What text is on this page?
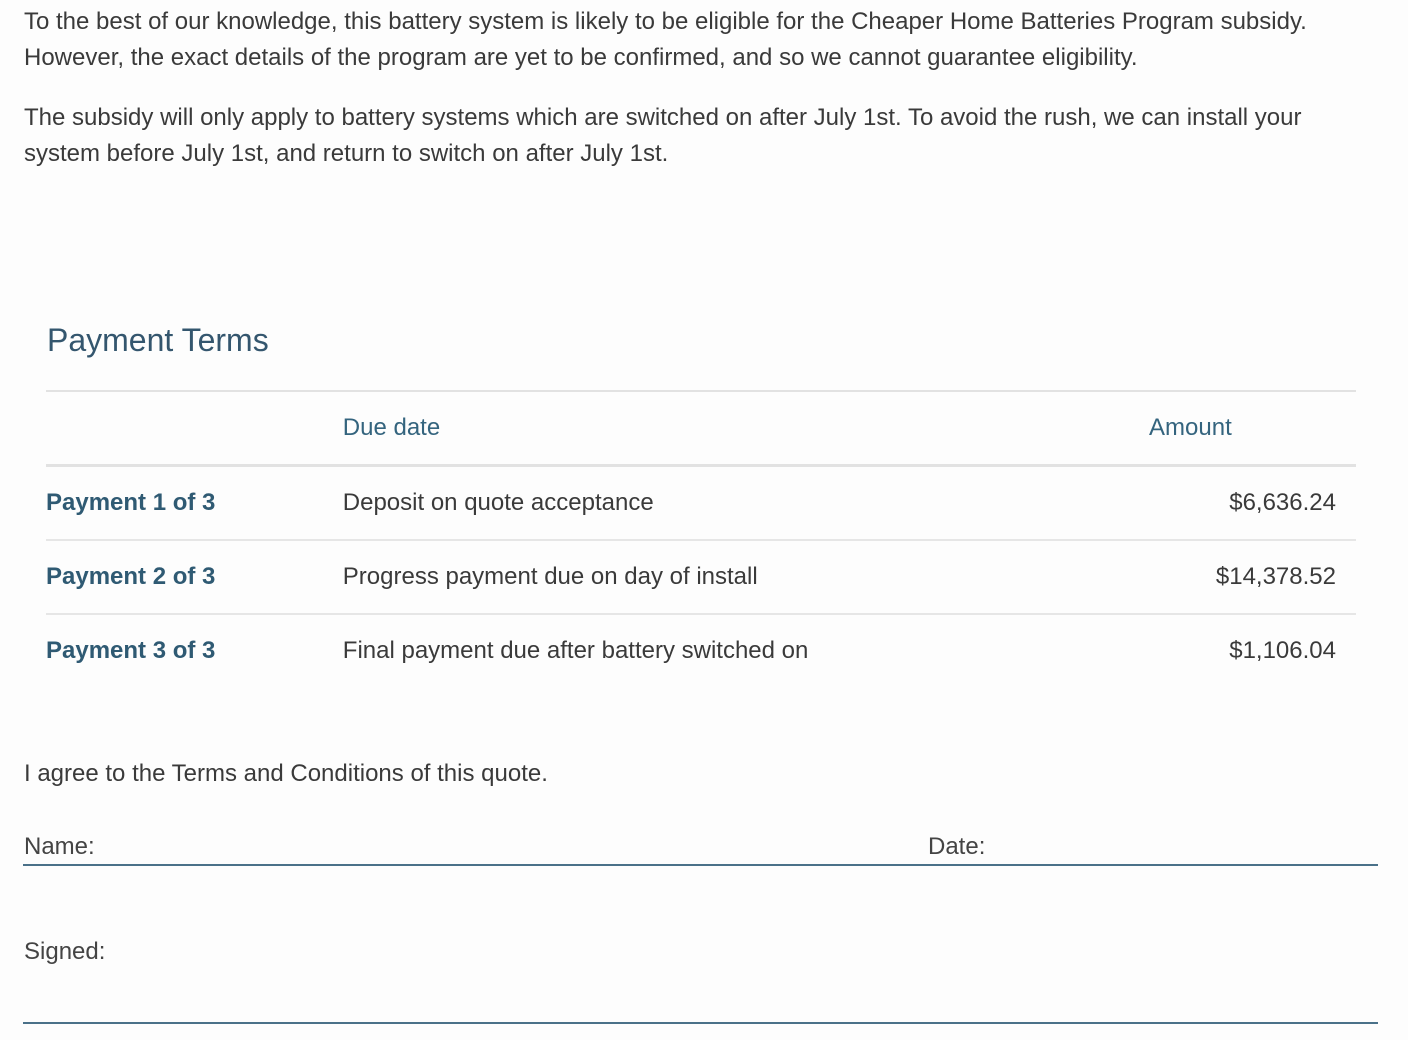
To the best of our knowledge, this battery system is likely to be eligible for the Cheaper Home Batteries Program subsidy. However, the exact details of the program are yet to be confirmed, and so we cannot guarantee eligibility.

The subsidy will only apply to battery systems which are switched on after July 1st. To avoid the rush, we can install your system before July 1st, and return to switch on after July 1st.

Payment Terms
	Due date	Amount
Payment 1 of 3	Deposit on quote acceptance	$6,636.24
Payment 2 of 3	Progress payment due on day of install	$14,378.52
Payment 3 of 3	Final payment due after battery switched on	$1,106.04

I agree to the Terms and Conditions of this quote.

Name:	Date:
Signed:
